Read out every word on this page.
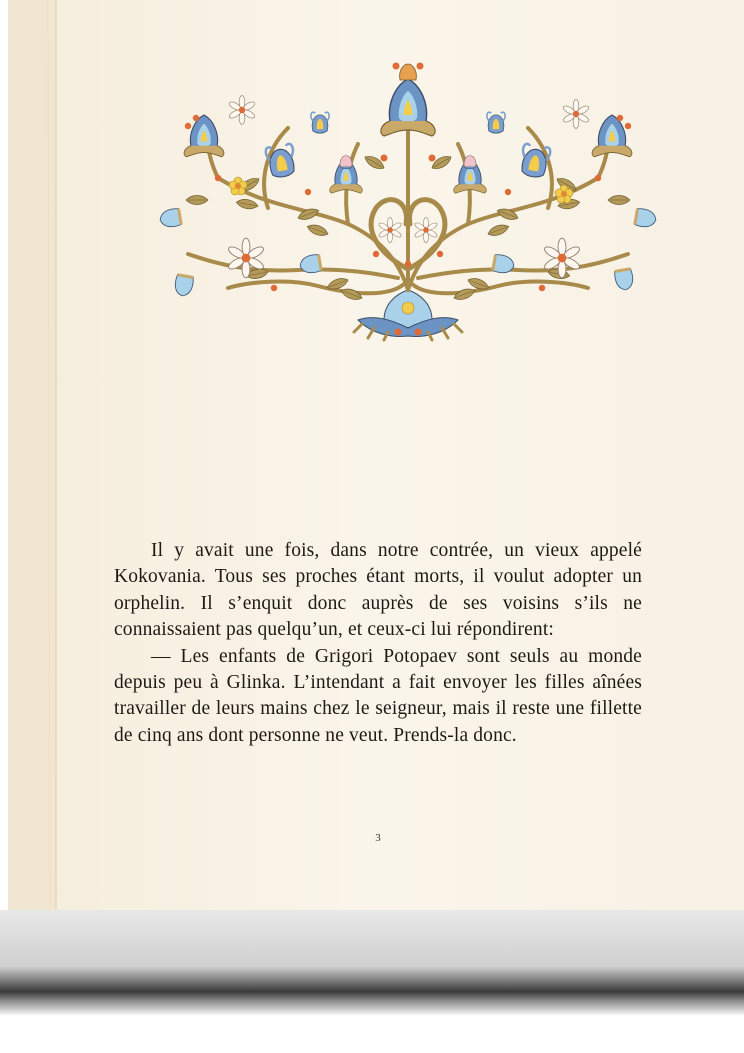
Il y avait une fois, dans notre contrée, un vieux appelé Kokovania. Tous ses proches étant morts, il voulut adopter un orphelin. Il s’enquit donc auprès de ses voisins s’ils ne connaissaient pas quelqu’un, et ceux-ci lui répondirent:

— Les enfants de Grigori Potopaev sont seuls au monde depuis peu à Glinka. L’intendant a fait envoyer les filles aînées travailler de leurs mains chez le seigneur, mais il reste une fillette de cinq ans dont personne ne veut. Prends-la donc.

3
